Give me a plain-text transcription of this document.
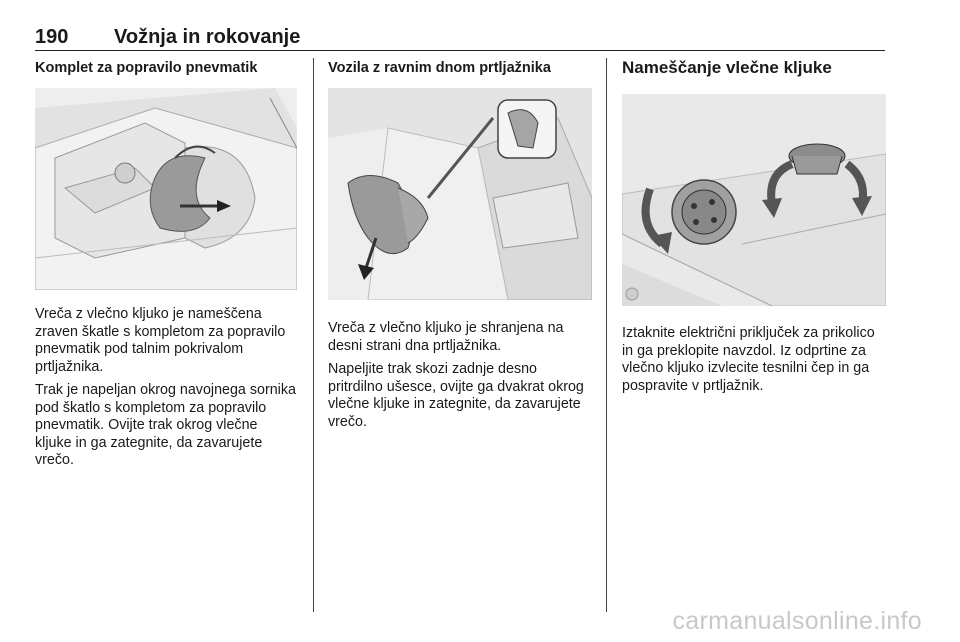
190 Vožnja in rokovanje
Komplet za popravilo pnevmatik

Vreča z vlečno kljuko je nameščena zraven škatle s kompletom za popravilo pnevmatik pod talnim pokrivalom prtljažnika.

Trak je napeljan okrog navojnega sornika pod škatlo s kompletom za popravilo pnevmatik. Ovijte trak okrog vlečne kljuke in ga zategnite, da zavarujete vrečo.

Vozila z ravnim dnom prtljažnika

Vreča z vlečno kljuko je shranjena na desni strani dna prtljažnika.

Napeljite trak skozi zadnje desno pritrdilno ušesce, ovijte ga dvakrat okrog vlečne kljuke in zategnite, da zavarujete vrečo.

Nameščanje vlečne kljuke

Iztaknite električni priključek za prikolico in ga preklopite navzdol. Iz odprtine za vlečno kljuko izvlecite tesnilni čep in ga pospravite v prtljažnik.

carmanualsonline.info
